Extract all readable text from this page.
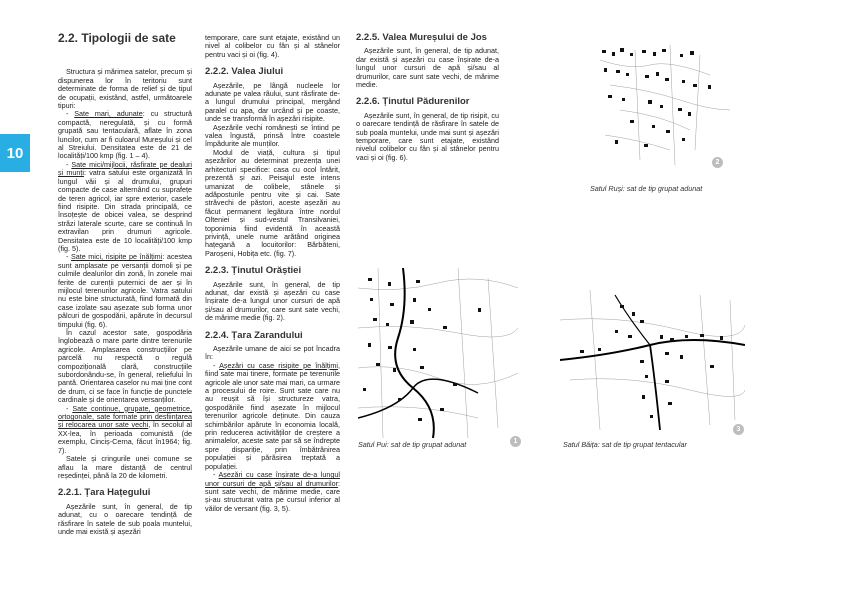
10
2.2. Tipologii de sate

Structura și mărimea satelor, precum și dispunerea lor în teritoriu sunt determinate de forma de relief și de tipul de ocupații, existând, astfel, următoarele tipuri:

- Sate mari, adunate: cu structură compactă, neregulată, și cu formă grupată sau tentaculară, aflate în zona luncilor, cum ar fi culoarul Mureșului și cel al Streiului. Densitatea este de 21 de localități/100 kmp (fig. 1 – 4).

- Sate mici/mijlocii, răsfirate pe dealuri și munți: vatra satului este organizată în lungul văii și al drumului, grupuri compacte de case alternând cu suprafețe de teren agricol, iar spre exterior, casele fiind risipite. Din strada principală, ce însoțește de obicei valea, se desprind străzi laterale scurte, care se continuă în extravilan prin drumuri agricole. Densitatea este de 10 localități/100 kmp (fig. 5).

- Sate mici, risipite pe înălțimi: acestea sunt amplasate pe versanții domoli și pe culmile dealurilor din zonă, în zonele mai ferite de curenții puternici de aer și în mijlocul terenurilor agricole. Vatra satului nu este bine structurată, fiind formată din case izolate sau așezate sub forma unor pâlcuri de gospodării, apărute în decursul timpului (fig. 6).

În cazul acestor sate, gospodăria înglobează o mare parte dintre terenurile agricole. Amplasarea construcțiilor pe parcelă nu respectă o regulă compozițională clară, construcțiile subordonându-se, în general, reliefului în pantă. Orientarea caselor nu mai ține cont de drum, ci se face în funcție de punctele cardinale și de orientarea versanților.

- Sate continue, grupate, geometrice, ortogonale, sate formate prin desființarea și relocarea unor sate vechi, în secolul al XX-lea, în perioada comunistă (de exemplu, Cinciș-Cerna, făcut în1964; fig. 7).

Satele și cringurile unei comune se aflau la mare distanță de centrul reședinței, până la 20 de kilometri.

2.2.1. Țara Hațegului

Așezările sunt, în general, de tip adunat, cu o oarecare tendință de răsfirare în satele de sub poala muntelui, unde mai există și așezări

temporare, care sunt etajate, existând un nivel al colibelor cu fân și al stânelor pentru vaci și oi (fig. 4).

2.2.2. Valea Jiului

Așezările, pe lângă nucleele lor adunate pe valea râului, sunt răsfirate de-a lungul drumului principal, mergând paralel cu apa, dar urcând și pe coaste, unde se transformă în așezări risipite.

Așezările vechi românești se întind pe valea îngustă, prinsă între coastele împădurite ale munților.

Modul de viață, cultura și tipul așezărilor au determinat prezența unei arhitecturi specifice: casa cu ocol întărit, prezentă și azi. Peisajul este intens umanizat de colibele, stânele și adăposturile pentru vite și cai. Sate străvechi de păstori, aceste așezări au făcut permanent legătura între nordul Olteniei și sud-vestul Transilvaniei, toponimia fiind evidentă în această privință, unele nume arătând originea hațegană a locuitorilor: Bărbăteni, Paroșeni, Hobița etc. (fig. 7).

2.2.3. Ținutul Orăștiei

Așezările sunt, în general, de tip adunat, dar există și așezări cu case înșirate de-a lungul unor cursuri de apă și/sau al drumurilor, care sunt sate vechi, de mărime medie (fig. 2).

2.2.4. Țara Zarandului

Așezările umane de aici se pot încadra în:

- Așezări cu case risipite pe înălțimi, fiind sate mai tinere, formate pe terenurile agricole ale unor sate mai mari, ca urmare a procesului de roire. Sunt sate care nu au reușit să își structureze vatra, gospodăriile fiind așezate în mijlocul terenurilor agricole deținute. Din cauza schimbărilor apărute în economia locală, prin reducerea activităților de creștere a animalelor, aceste sate par să se îndrepte spre dispariție, prin îmbătrânirea populației și părăsirea treptată a populației.

- Așezări cu case înșirate de-a lungul unor cursuri de apă și/sau al drumurilor: sunt sate vechi, de mărime medie, care și-au structurat vatra pe cursul inferior al văilor de versant (fig. 3, 5).

2.2.5. Valea Mureșului de Jos

Așezările sunt, în general, de tip adunat, dar există și așezări cu case înșirate de-a lungul unor cursuri de apă și/sau al drumurilor, care sunt sate vechi, de mărime medie.

2.2.6. Ținutul Pădurenilor

Așezările sunt, în general, de tip risipit, cu o oarecare tendință de răsfirare în satele de sub poala muntelui, unde mai sunt și așezări temporare, care sunt etajate, existând nivelul colibelor cu fân și al stânelor pentru vaci și oi (fig. 6).

2
Satul Ruși: sat de tip grupat adunat
1
Satul Pui: sat de tip grupat adunat
3
Satul Băița: sat de tip grupat tentacular
